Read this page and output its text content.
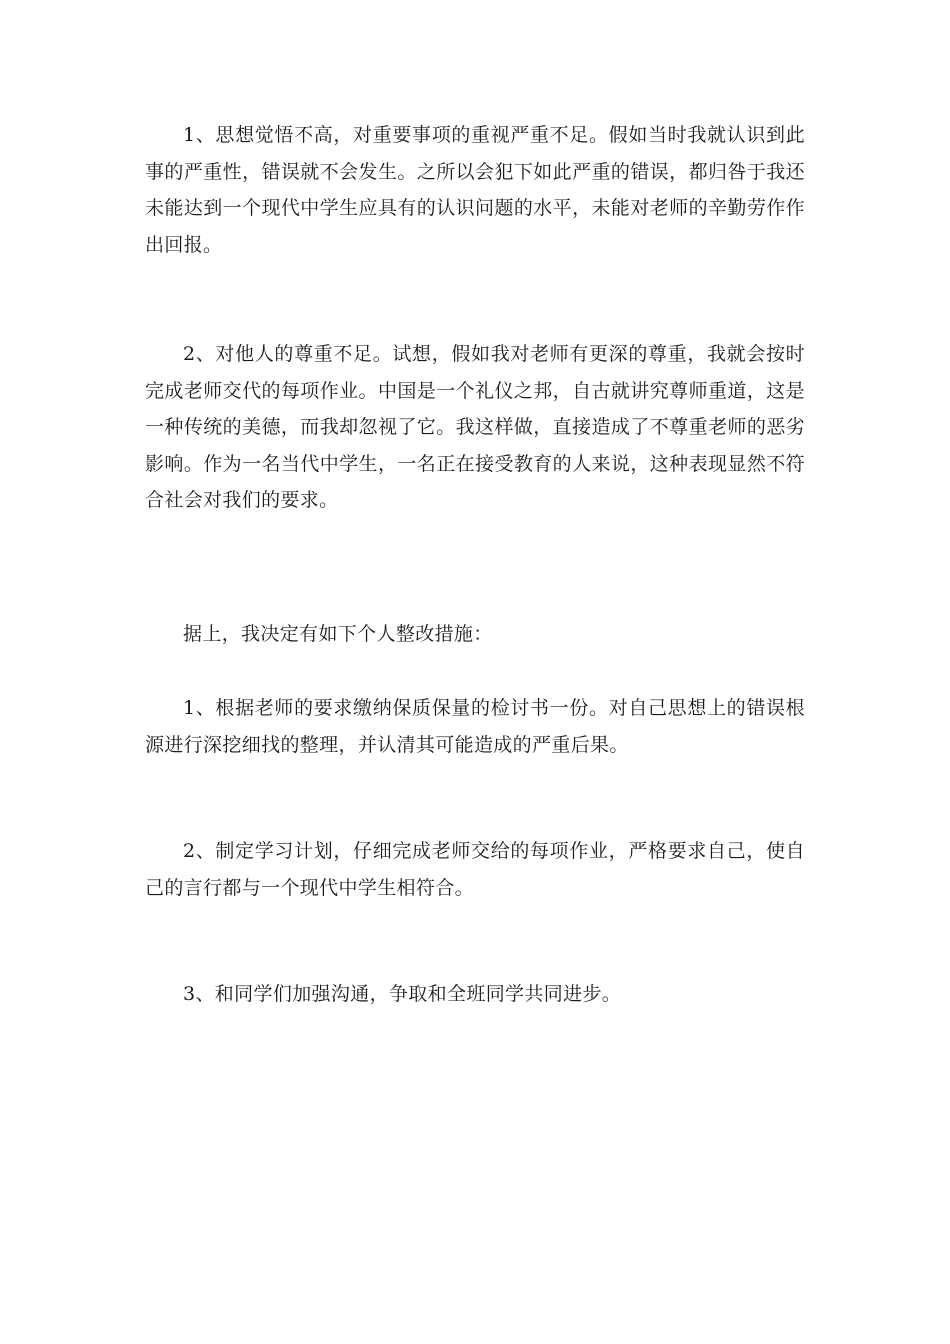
1、思想觉悟不高，对重要事项的重视严重不足。假如当时我就认识到此事的严重性，错误就不会发生。之所以会犯下如此严重的错误，都归咎于我还未能达到一个现代中学生应具有的认识问题的水平，未能对老师的辛勤劳作作出回报。

2、对他人的尊重不足。试想，假如我对老师有更深的尊重，我就会按时完成老师交代的每项作业。中国是一个礼仪之邦，自古就讲究尊师重道，这是一种传统的美德，而我却忽视了它。我这样做，直接造成了不尊重老师的恶劣影响。作为一名当代中学生，一名正在接受教育的人来说，这种表现显然不符合社会对我们的要求。

据上，我决定有如下个人整改措施：

1、根据老师的要求缴纳保质保量的检讨书一份。对自己思想上的错误根源进行深挖细找的整理，并认清其可能造成的严重后果。

2、制定学习计划，仔细完成老师交给的每项作业，严格要求自己，使自己的言行都与一个现代中学生相符合。

3、和同学们加强沟通，争取和全班同学共同进步。
